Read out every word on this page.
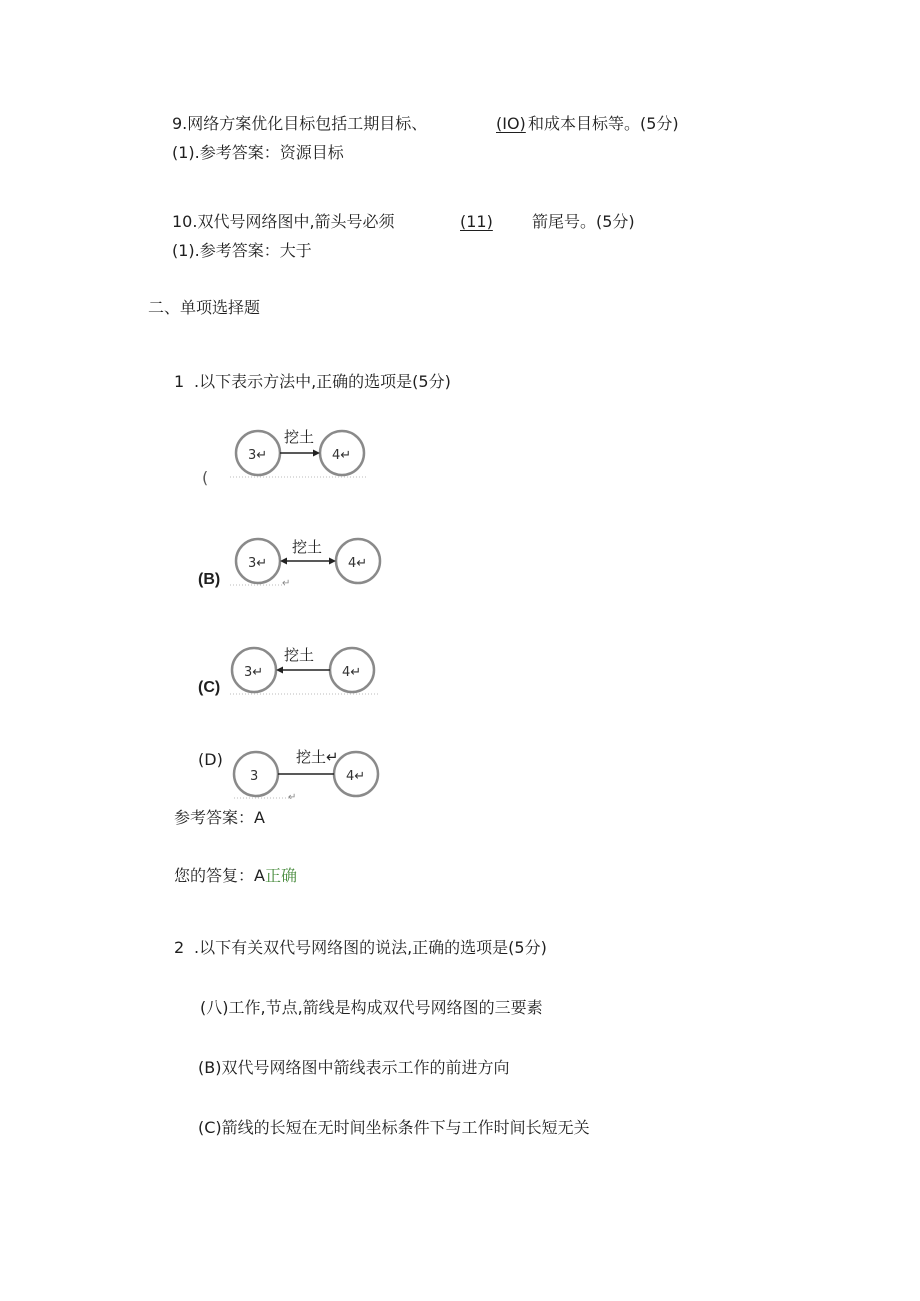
9.网络方案优化目标包括工期目标、	(IO) 和成本目标等。(5分)
(1).参考答案：资源目标
10.双代号网络图中,箭头号必须	(11) 箭尾号。(5分)
(1).参考答案：大于
二、单项选择题
1 .以下表示方法中,正确的选项是(5分)
(
3↵	4↵
挖土
(B)
3↵	4↵
挖土
↵
(C)
3↵	4↵
挖土
(D)
3	4↵
挖土↵
↵
参考答案：A
您的答复：A正确
2 .以下有关双代号网络图的说法,正确的选项是(5分)
(八)工作,节点,箭线是构成双代号网络图的三要素
(B)双代号网络图中箭线表示工作的前进方向
(C)箭线的长短在无时间坐标条件下与工作时间长短无关
